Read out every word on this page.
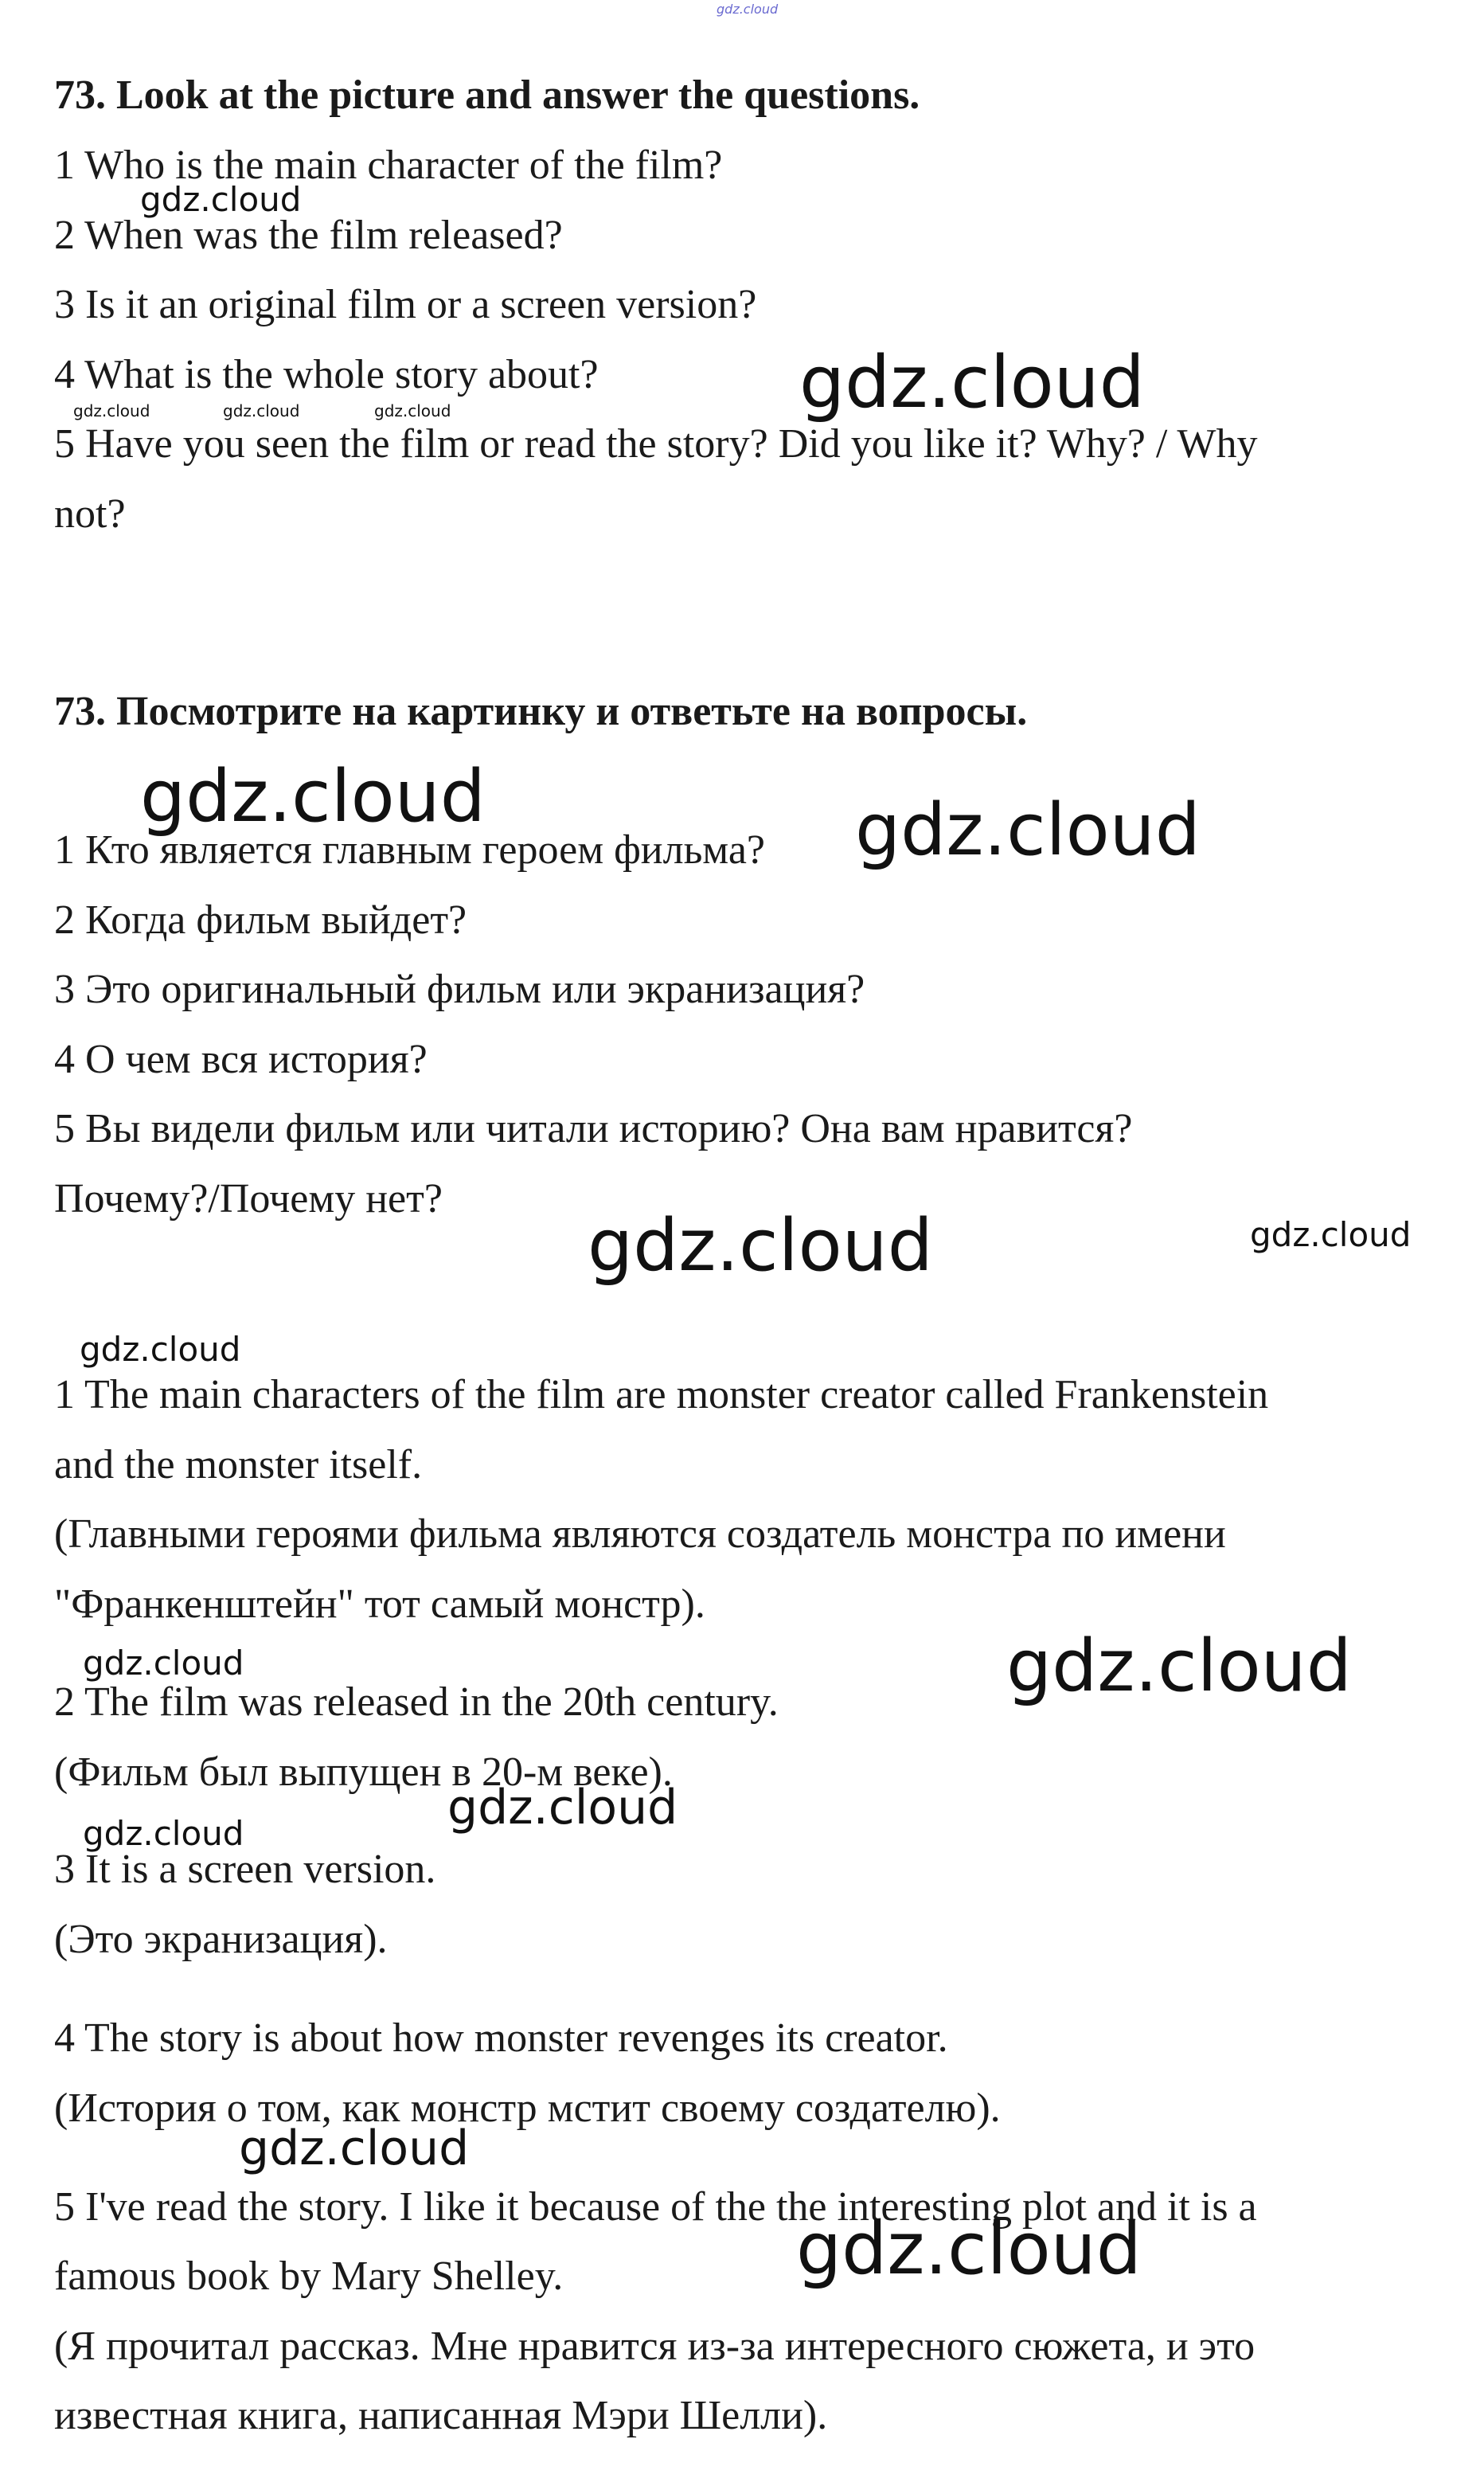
gdz.cloud
73. Look at the picture and answer the questions.
1 Who is the main character of the film?
2 When was the film released?
3 Is it an original film or a screen version?
4 What is the whole story about?
5 Have you seen the film or read the story? Did you like it? Why? / Why
not?
73. Посмотрите на картинку и ответьте на вопросы.
1 Кто является главным героем фильма?
2 Когда фильм выйдет?
3 Это оригинальный фильм или экранизация?
4 О чем вся история?
5 Вы видели фильм или читали историю? Она вам нравится?
Почему?/Почему нет?
1 The main characters of the film are monster creator called Frankenstein
and the monster itself.
(Главными героями фильма являются создатель монстра по имени
"Франкенштейн" тот самый монстр).
2 The film was released in the 20th century.
(Фильм был выпущен в 20-м веке).
3 It is a screen version.
(Это экранизация).
4 The story is about how monster revenges its creator.
(История о том, как монстр мстит своему создателю).
5 I've read the story. I like it because of the the interesting plot and it is a
famous book by Mary Shelley.
(Я прочитал рассказ. Мне нравится из-за интересного сюжета, и это
известная книга, написанная Мэри Шелли).
gdz.cloud
gdz.cloud
gdz.cloud	gdz.cloud	gdz.cloud
gdz.cloud	gdz.cloud
gdz.cloud	gdz.cloud
gdz.cloud
gdz.cloud	gdz.cloud
gdz.cloud
gdz.cloud
gdz.cloud
gdz.cloud
